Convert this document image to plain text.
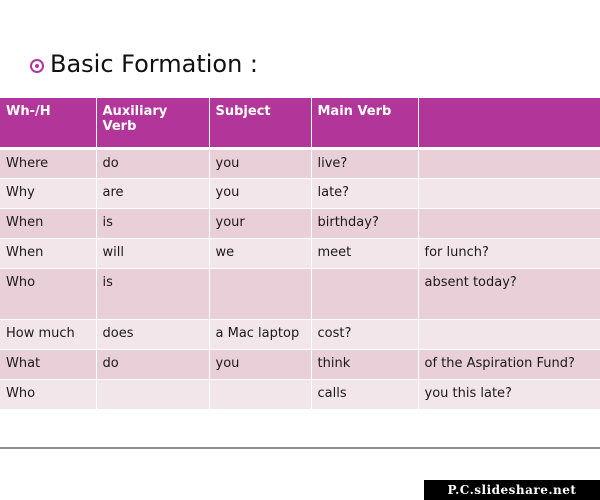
Basic Formation :
Wh-/H	Auxiliary Verb	Subject	Main Verb	
Where	do	you	live?	
Why	are	you	late?	
When	is	your	birthday?	
When	will	we	meet	for lunch?
Who	is			absent today?
How much	does	a Mac laptop	cost?	
What	do	you	think	of the Aspiration Fund?
Who			calls	you this late?
P.C.slideshare.net
